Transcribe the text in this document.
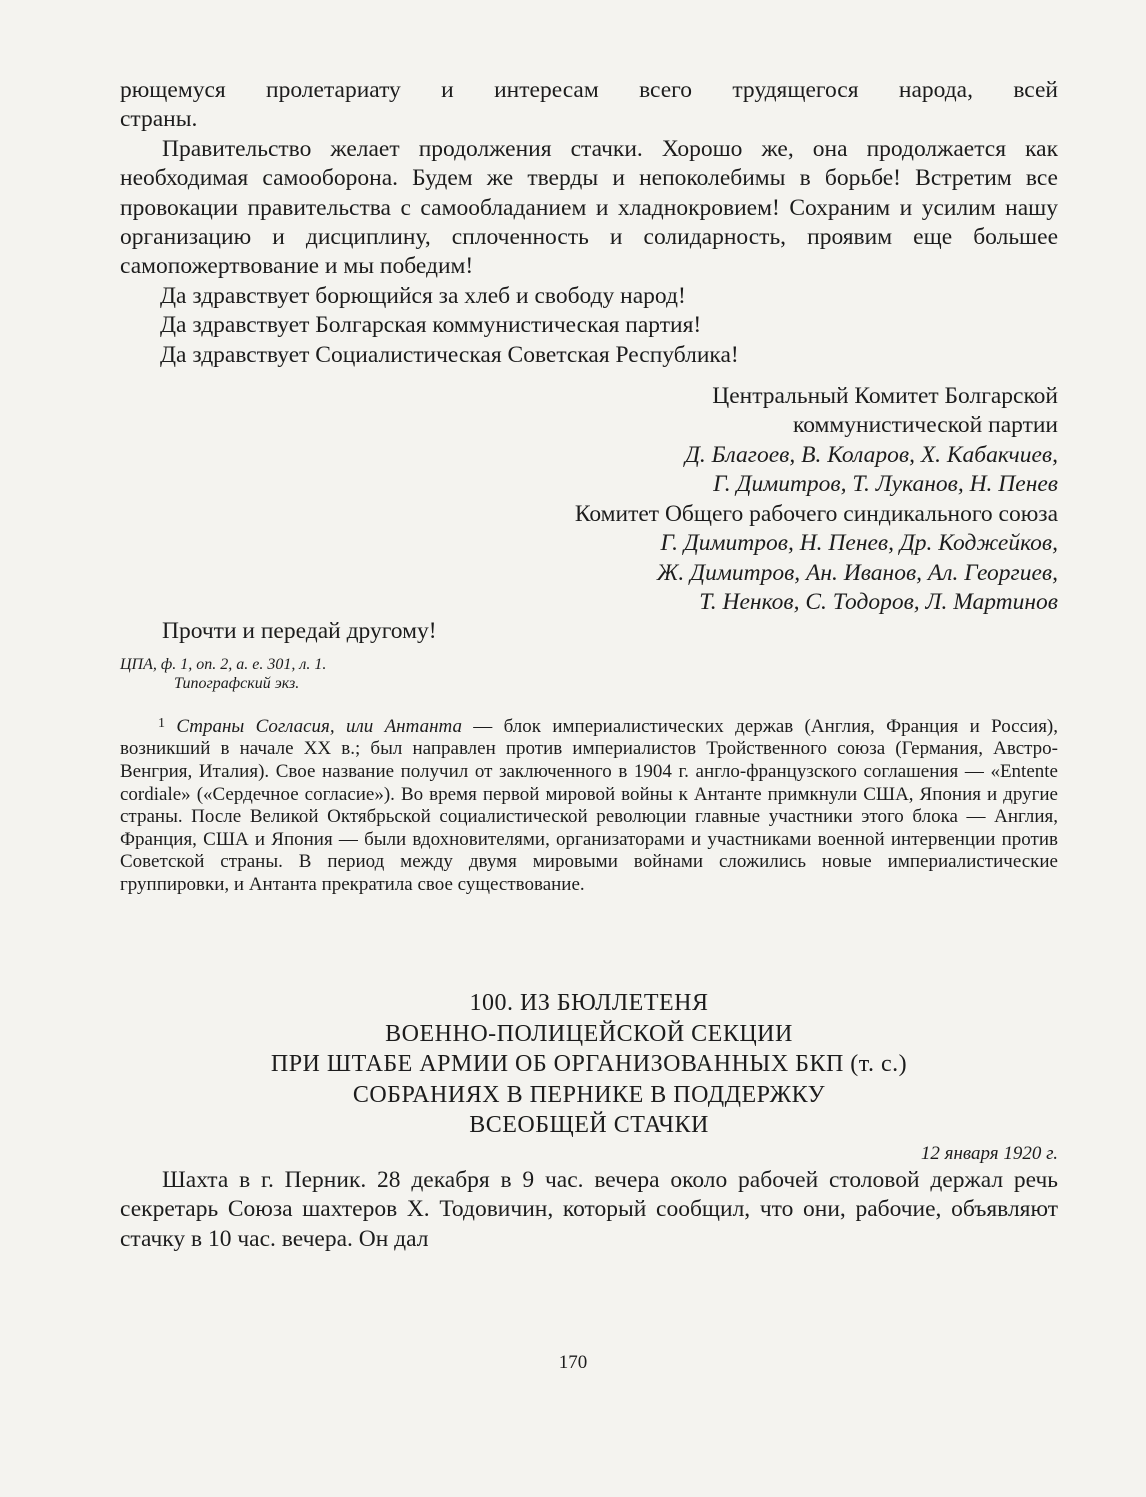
рющемуся пролетариату и интересам всего трудящегося народа, всей

страны.

Правительство желает продолжения стачки. Хорошо же, она продолжается как необходимая самооборона. Будем же тверды и непоколебимы в борьбе! Встретим все провокации правительства с самообладанием и хладнокровием! Сохраним и усилим нашу организацию и дисциплину, сплоченность и солидарность, проявим еще большее самопожертвование и мы победим!

Да здравствует борющийся за хлеб и свободу народ!

Да здравствует Болгарская коммунистическая партия!

Да здравствует Социалистическая Советская Республика!

Центральный Комитет Болгарской

коммунистической партии

Д. Благоев, В. Коларов, Х. Кабакчиев,

Г. Димитров, Т. Луканов, Н. Пенев

Комитет Общего рабочего синдикального союза

Г. Димитров, Н. Пенев, Др. Коджейков,

Ж. Димитров, Ан. Иванов, Ал. Георгиев,

Т. Ненков, С. Тодоров, Л. Мартинов

Прочти и передай другому!

ЦПА, ф. 1, оп. 2, а. е. 301, л. 1.
Типографский экз.
$^1$ Страны Согласия, или Антанта — блок империалистических держав (Англия, Франция и Россия), возникший в начале XX в.; был направлен против империалистов Тройственного союза (Германия, Австро-Венгрия, Италия). Свое название получил от заключенного в 1904 г. англо-французского соглашения — «Entente cordiale» («Сердечное согласие»). Во время первой мировой войны к Антанте примкнули США, Япония и другие страны. После Великой Октябрьской социалистической революции главные участники этого блока — Англия, Франция, США и Япония — были вдохновителями, организаторами и участниками военной интервенции против Советской страны. В период между двумя мировыми войнами сложились новые империалистические группировки, и Антанта прекратила свое существование.
100. ИЗ БЮЛЛЕТЕНЯ
ВОЕННО-ПОЛИЦЕЙСКОЙ СЕКЦИИ
ПРИ ШТАБЕ АРМИИ ОБ ОРГАНИЗОВАННЫХ БКП (т. с.)
СОБРАНИЯХ В ПЕРНИКЕ В ПОДДЕРЖКУ
ВСЕОБЩЕЙ СТАЧКИ
12 января 1920 г.

Шахта в г. Перник. 28 декабря в 9 час. вечера около рабочей столовой держал речь секретарь Союза шахтеров Х. Тодовичин, который сообщил, что они, рабочие, объявляют стачку в 10 час. вечера. Он дал

170
